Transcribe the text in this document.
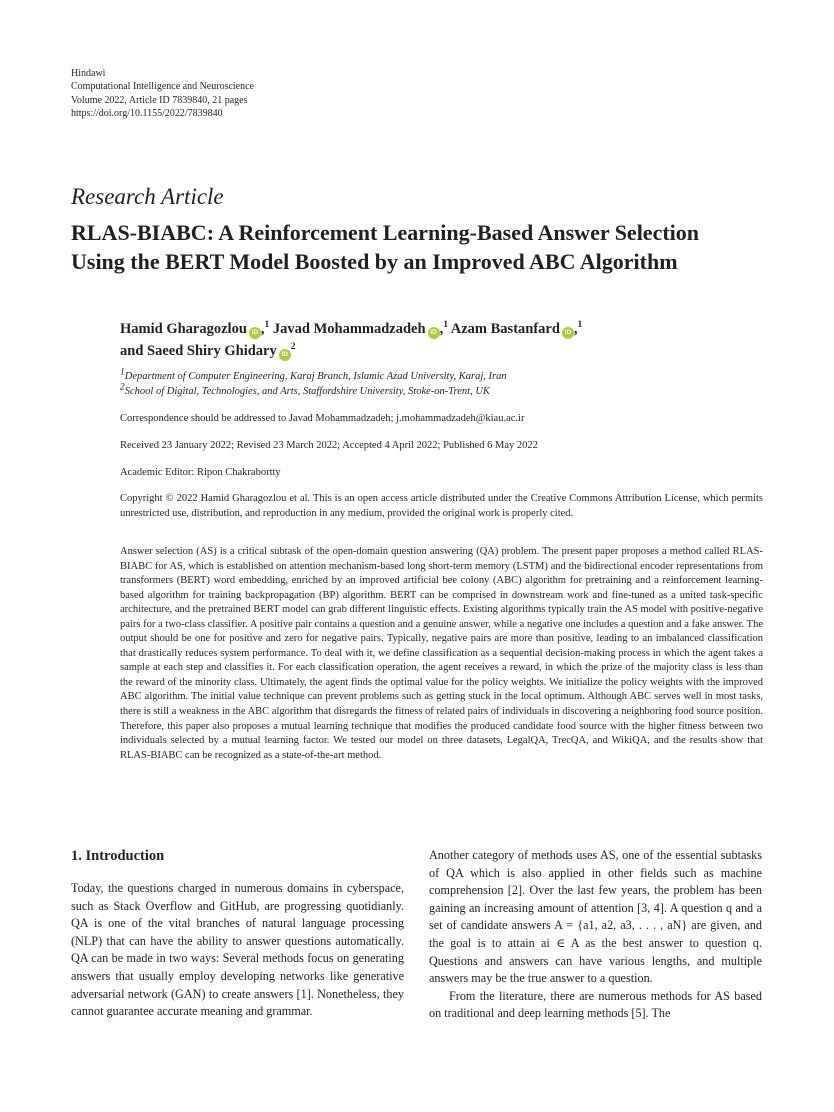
Hindawi
Computational Intelligence and Neuroscience
Volume 2022, Article ID 7839840, 21 pages
https://doi.org/10.1155/2022/7839840
Research Article
RLAS-BIABC: A Reinforcement Learning-Based Answer Selection
Using the BERT Model Boosted by an Improved ABC Algorithm
Hamid Gharagozlou iD ,$^1$ Javad Mohammadzadeh iD ,$^1$ Azam Bastanfard iD ,$^1$
and Saeed Shiry Ghidary $iD^2$
1Department of Computer Engineering, Karaj Branch, Islamic Azad University, Karaj, Iran
2School of Digital, Technologies, and Arts, Staffordshire University, Stoke-on-Trent, UK
Correspondence should be addressed to Javad Mohammadzadeh; j.mohammadzadeh@kiau.ac.ir
Received 23 January 2022; Revised 23 March 2022; Accepted 4 April 2022; Published 6 May 2022
Academic Editor: Ripon Chakrabortty
Copyright © 2022 Hamid Gharagozlou et al. This is an open access article distributed under the Creative Commons Attribution License, which permits unrestricted use, distribution, and reproduction in any medium, provided the original work is properly cited.
Answer selection (AS) is a critical subtask of the open-domain question answering (QA) problem. The present paper proposes a method called RLAS-BIABC for AS, which is established on attention mechanism-based long short-term memory (LSTM) and the bidirectional encoder representations from transformers (BERT) word embedding, enriched by an improved artificial bee colony (ABC) algorithm for pretraining and a reinforcement learning-based algorithm for training backpropagation (BP) algorithm. BERT can be comprised in downstream work and fine-tuned as a united task-specific architecture, and the pretrained BERT model can grab different linguistic effects. Existing algorithms typically train the AS model with positive-negative pairs for a two-class classifier. A positive pair contains a question and a genuine answer, while a negative one includes a question and a fake answer. The output should be one for positive and zero for negative pairs. Typically, negative pairs are more than positive, leading to an imbalanced classification that drastically reduces system performance. To deal with it, we define classification as a sequential decision-making process in which the agent takes a sample at each step and classifies it. For each classification operation, the agent receives a reward, in which the prize of the majority class is less than the reward of the minority class. Ultimately, the agent finds the optimal value for the policy weights. We initialize the policy weights with the improved ABC algorithm. The initial value technique can prevent problems such as getting stuck in the local optimum. Although ABC serves well in most tasks, there is still a weakness in the ABC algorithm that disregards the fitness of related pairs of individuals in discovering a neighboring food source position. Therefore, this paper also proposes a mutual learning technique that modifies the produced candidate food source with the higher fitness between two individuals selected by a mutual learning factor. We tested our model on three datasets, LegalQA, TrecQA, and WikiQA, and the results show that RLAS-BIABC can be recognized as a state-of-the-art method.
1. Introduction

Today, the questions charged in numerous domains in cyberspace, such as Stack Overflow and GitHub, are progressing quotidianly. QA is one of the vital branches of natural language processing (NLP) that can have the ability to answer questions automatically. QA can be made in two ways: Several methods focus on generating answers that usually employ developing networks like generative adversarial network (GAN) to create answers [1]. Nonetheless, they cannot guarantee accurate meaning and grammar.

Another category of methods uses AS, one of the essential subtasks of QA which is also applied in other fields such as machine comprehension [2]. Over the last few years, the problem has been gaining an increasing amount of attention [3, 4]. A question q and a set of candidate answers A = {a1, a2, a3, . . . , aN} are given, and the goal is to attain ai ∈ A as the best answer to question q. Questions and answers can have various lengths, and multiple answers may be the true answer to a question.

From the literature, there are numerous methods for AS based on traditional and deep learning methods [5]. The
